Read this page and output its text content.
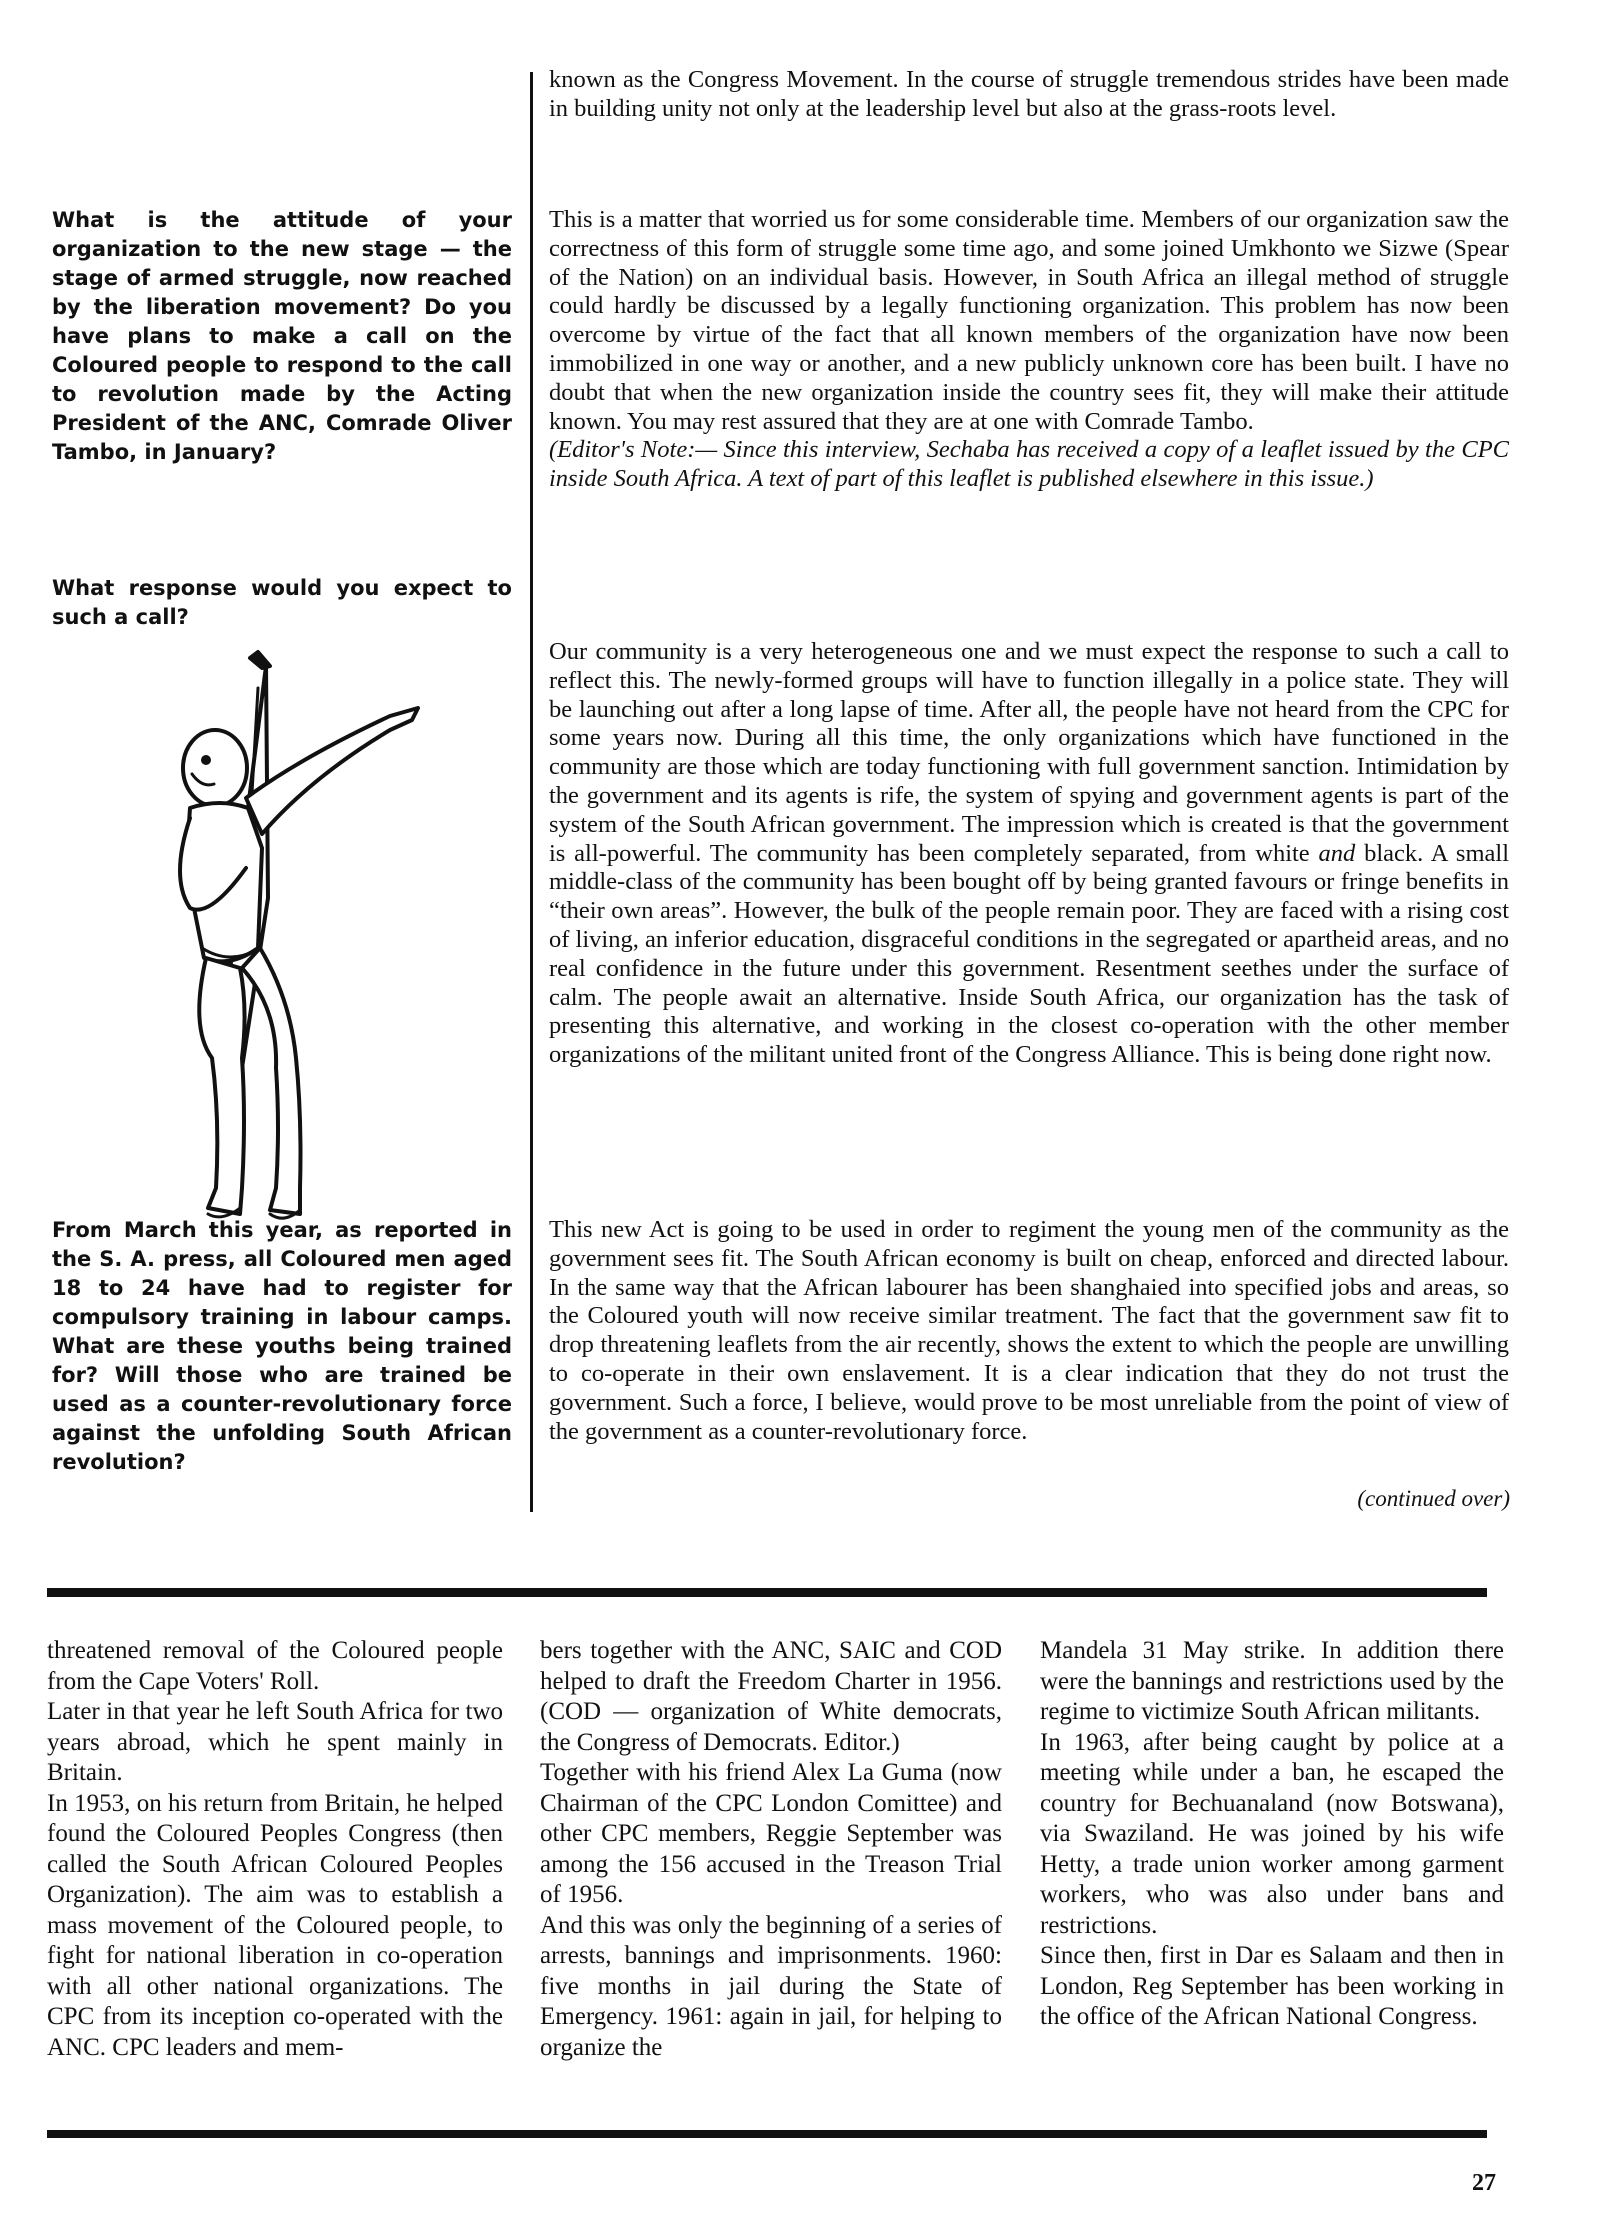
What is the attitude of your organization to the new stage — the stage of armed struggle, now reached by the liberation movement? Do you have plans to make a call on the Coloured people to respond to the call to revolution made by the Acting President of the ANC, Comrade Oliver Tambo, in January?

What response would you expect to such a call?

From March this year, as reported in the S. A. press, all Coloured men aged 18 to 24 have had to register for compulsory training in labour camps. What are these youths being trained for? Will those who are trained be used as a counter-revolutionary force against the unfolding South African revolution?

known as the Congress Movement. In the course of struggle tremendous strides have been made in building unity not only at the leadership level but also at the grass-roots level.

This is a matter that worried us for some considerable time. Members of our organization saw the correctness of this form of struggle some time ago, and some joined Umkhonto we Sizwe (Spear of the Nation) on an individual basis. However, in South Africa an illegal method of struggle could hardly be discussed by a legally functioning organization. This problem has now been overcome by virtue of the fact that all known members of the organization have now been immobilized in one way or another, and a new publicly unknown core has been built. I have no doubt that when the new organization inside the country sees fit, they will make their attitude known. You may rest assured that they are at one with Comrade Tambo.

(Editor's Note:— Since this interview, Sechaba has received a copy of a leaflet issued by the CPC inside South Africa. A text of part of this leaflet is published elsewhere in this issue.)

Our community is a very heterogeneous one and we must expect the response to such a call to reflect this. The newly-formed groups will have to function illegally in a police state. They will be launching out after a long lapse of time. After all, the people have not heard from the CPC for some years now. During all this time, the only organizations which have functioned in the community are those which are today functioning with full government sanction. Intimidation by the government and its agents is rife, the system of spying and government agents is part of the system of the South African government. The impression which is created is that the government is all-powerful. The community has been completely separated, from white and black. A small middle-class of the community has been bought off by being granted favours or fringe benefits in “their own areas”. However, the bulk of the people remain poor. They are faced with a rising cost of living, an inferior education, disgraceful conditions in the segregated or apartheid areas, and no real confidence in the future under this government. Resentment seethes under the surface of calm. The people await an alternative. Inside South Africa, our organization has the task of presenting this alternative, and working in the closest co-operation with the other member organizations of the militant united front of the Congress Alliance. This is being done right now.

This new Act is going to be used in order to regiment the young men of the community as the government sees fit. The South African economy is built on cheap, enforced and directed labour. In the same way that the African labourer has been shanghaied into specified jobs and areas, so the Coloured youth will now receive similar treatment. The fact that the government saw fit to drop threatening leaflets from the air recently, shows the extent to which the people are unwilling to co-operate in their own enslavement. It is a clear indication that they do not trust the government. Such a force, I believe, would prove to be most unreliable from the point of view of the government as a counter-revolutionary force.

(continued over)

threatened removal of the Coloured people from the Cape Voters' Roll.

Later in that year he left South Africa for two years abroad, which he spent mainly in Britain.

In 1953, on his return from Britain, he helped found the Coloured Peoples Congress (then called the South African Coloured Peoples Organization). The aim was to establish a mass movement of the Coloured people, to fight for national liberation in co-operation with all other national organizations. The CPC from its inception co-operated with the ANC. CPC leaders and mem-

bers together with the ANC, SAIC and COD helped to draft the Freedom Charter in 1956. (COD — organization of White democrats, the Congress of Democrats. Editor.)

Together with his friend Alex La Guma (now Chairman of the CPC London Comittee) and other CPC members, Reggie September was among the 156 accused in the Treason Trial of 1956.

And this was only the beginning of a series of arrests, bannings and imprisonments. 1960: five months in jail during the State of Emergency. 1961: again in jail, for helping to organize the

Mandela 31 May strike. In addition there were the bannings and restrictions used by the regime to victimize South African militants.

In 1963, after being caught by police at a meeting while under a ban, he escaped the country for Bechuanaland (now Botswana), via Swaziland. He was joined by his wife Hetty, a trade union worker among garment workers, who was also under bans and restrictions.

Since then, first in Dar es Salaam and then in London, Reg September has been working in the office of the African National Congress.

27
